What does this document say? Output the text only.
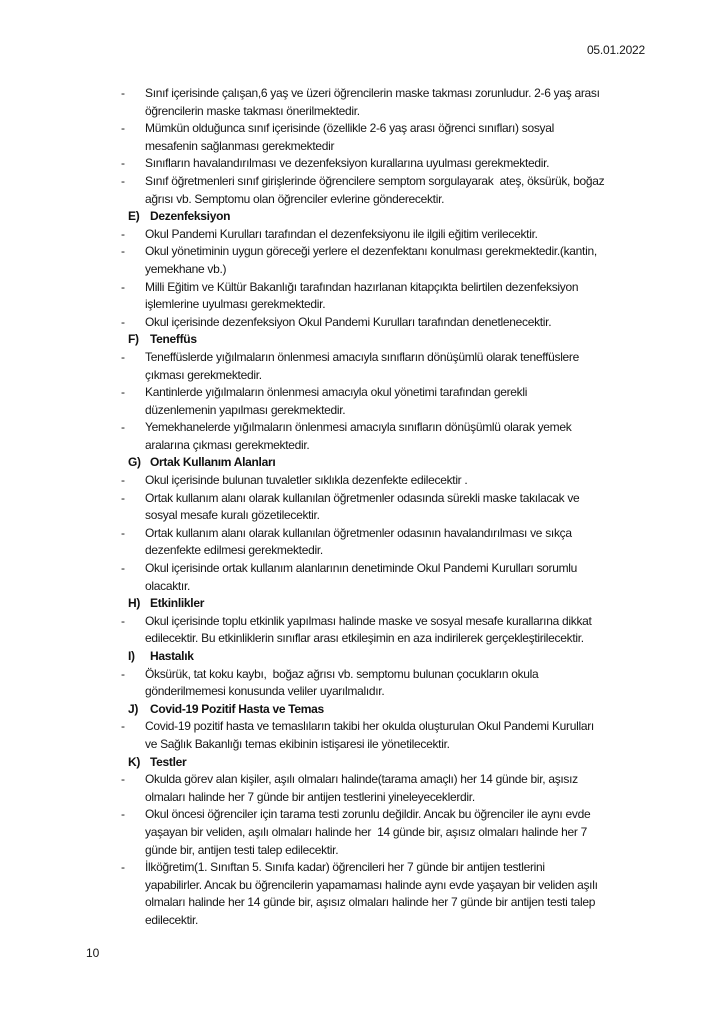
05.01.2022
-	Sınıf içerisinde çalışan,6 yaş ve üzeri öğrencilerin maske takması zorunludur. 2-6 yaş arası
öğrencilerin maske takması önerilmektedir.
-	Mümkün olduğunca sınıf içerisinde (özellikle 2-6 yaş arası öğrenci sınıfları) sosyal
mesafenin sağlanması gerekmektedir
-	Sınıfların havalandırılması ve dezenfeksiyon kurallarına uyulması gerekmektedir.
-	Sınıf öğretmenleri sınıf girişlerinde öğrencilere semptom sorgulayarak  ateş, öksürük, boğaz
ağrısı vb. Semptomu olan öğrenciler evlerine gönderecektir.
E) Dezenfeksiyon
-	Okul Pandemi Kurulları tarafından el dezenfeksiyonu ile ilgili eğitim verilecektir.
-	Okul yönetiminin uygun göreceği yerlere el dezenfektanı konulması gerekmektedir.(kantin,
yemekhane vb.)
-	Milli Eğitim ve Kültür Bakanlığı tarafından hazırlanan kitapçıkta belirtilen dezenfeksiyon
işlemlerine uyulması gerekmektedir.
-	Okul içerisinde dezenfeksiyon Okul Pandemi Kurulları tarafından denetlenecektir.
F) Teneffüs
-	Teneffüslerde yığılmaların önlenmesi amacıyla sınıfların dönüşümlü olarak teneffüslere
çıkması gerekmektedir.
-	Kantinlerde yığılmaların önlenmesi amacıyla okul yönetimi tarafından gerekli
düzenlemenin yapılması gerekmektedir.
-	Yemekhanelerde yığılmaların önlenmesi amacıyla sınıfların dönüşümlü olarak yemek
aralarına çıkması gerekmektedir.
G) Ortak Kullanım Alanları
-	Okul içerisinde bulunan tuvaletler sıklıkla dezenfekte edilecektir .
-	Ortak kullanım alanı olarak kullanılan öğretmenler odasında sürekli maske takılacak ve
sosyal mesafe kuralı gözetilecektir.
-	Ortak kullanım alanı olarak kullanılan öğretmenler odasının havalandırılması ve sıkça
dezenfekte edilmesi gerekmektedir.
-	Okul içerisinde ortak kullanım alanlarının denetiminde Okul Pandemi Kurulları sorumlu
olacaktır.
H) Etkinlikler
-	Okul içerisinde toplu etkinlik yapılması halinde maske ve sosyal mesafe kurallarına dikkat
edilecektir. Bu etkinliklerin sınıflar arası etkileşimin en aza indirilerek gerçekleştirilecektir.
I)	Hastalık
-	Öksürük, tat koku kaybı,  boğaz ağrısı vb. semptomu bulunan çocukların okula
gönderilmemesi konusunda veliler uyarılmalıdır.
J) Covid-19 Pozitif Hasta ve Temas
-	Covid-19 pozitif hasta ve temaslıların takibi her okulda oluşturulan Okul Pandemi Kurulları
ve Sağlık Bakanlığı temas ekibinin istişaresi ile yönetilecektir.
K) Testler
-	Okulda görev alan kişiler, aşılı olmaları halinde(tarama amaçlı) her 14 günde bir, aşısız
olmaları halinde her 7 günde bir antijen testlerini yineleyeceklerdir.
-	Okul öncesi öğrenciler için tarama testi zorunlu değildir. Ancak bu öğrenciler ile aynı evde
yaşayan bir veliden, aşılı olmaları halinde her  14 günde bir, aşısız olmaları halinde her 7
günde bir, antijen testi talep edilecektir.
-	İlköğretim(1. Sınıftan 5. Sınıfa kadar) öğrencileri her 7 günde bir antijen testlerini
yapabilirler. Ancak bu öğrencilerin yapamaması halinde aynı evde yaşayan bir veliden aşılı
olmaları halinde her 14 günde bir, aşısız olmaları halinde her 7 günde bir antijen testi talep
edilecektir.
10
